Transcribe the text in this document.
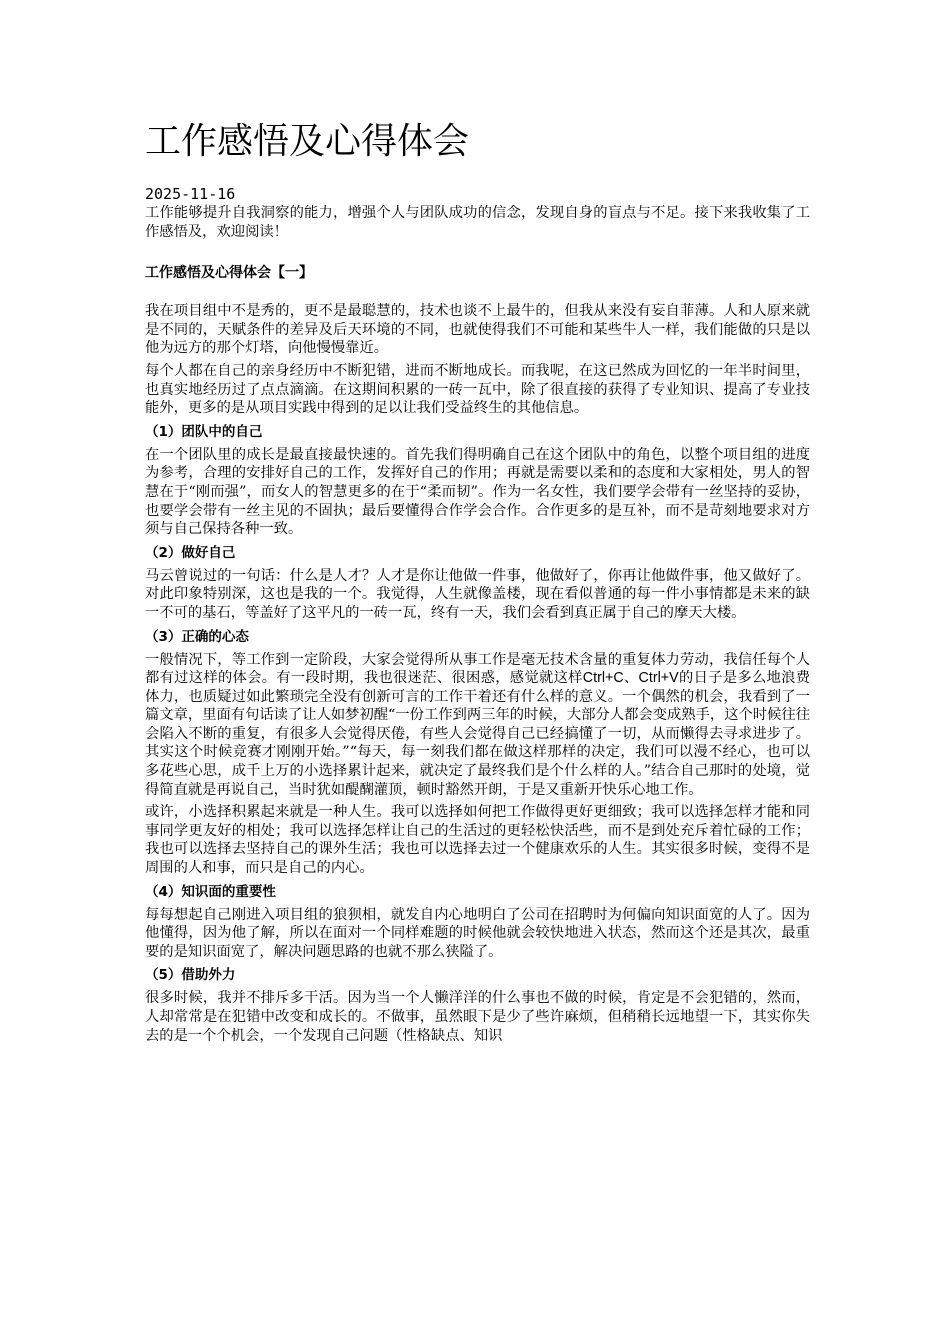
工作感悟及心得体会
2025-11-16

工作能够提升自我洞察的能力，增强个人与团队成功的信念，发现自身的盲点与不足。接下来我收集了工作感悟及，欢迎阅读！

工作感悟及心得体会【一】

我在项目组中不是秀的，更不是最聪慧的，技术也谈不上最牛的，但我从来没有妄自菲薄。人和人原来就是不同的，天赋条件的差异及后天环境的不同，也就使得我们不可能和某些牛人一样，我们能做的只是以他为远方的那个灯塔，向他慢慢靠近。

每个人都在自己的亲身经历中不断犯错，进而不断地成长。而我呢，在这已然成为回忆的一年半时间里，也真实地经历过了点点滴滴。在这期间积累的一砖一瓦中，除了很直接的获得了专业知识、提高了专业技能外，更多的是从项目实践中得到的足以让我们受益终生的其他信息。

（1）团队中的自己

在一个团队里的成长是最直接最快速的。首先我们得明确自己在这个团队中的角色，以整个项目组的进度为参考，合理的安排好自己的工作，发挥好自己的作用；再就是需要以柔和的态度和大家相处，男人的智慧在于“刚而强”，而女人的智慧更多的在于“柔而韧”。作为一名女性，我们要学会带有一丝坚持的妥协，也要学会带有一丝主见的不固执；最后要懂得合作学会合作。合作更多的是互补，而不是苛刻地要求对方须与自己保持各种一致。

（2）做好自己

马云曾说过的一句话：什么是人才？人才是你让他做一件事，他做好了，你再让他做件事，他又做好了。对此印象特别深，这也是我的一个。我觉得，人生就像盖楼，现在看似普通的每一件小事情都是未来的缺一不可的基石，等盖好了这平凡的一砖一瓦，终有一天，我们会看到真正属于自己的摩天大楼。

（3）正确的心态

一般情况下，等工作到一定阶段，大家会觉得所从事工作是毫无技术含量的重复体力劳动，我信任每个人都有过这样的体会。有一段时期，我也很迷茫、很困惑，感觉就这样Ctrl+C、Ctrl+V的日子是多么地浪费体力，也质疑过如此繁琐完全没有创新可言的工作干着还有什么样的意义。一个偶然的机会，我看到了一篇文章，里面有句话读了让人如梦初醒“一份工作到两三年的时候，大部分人都会变成熟手，这个时候往往会陷入不断的重复，有很多人会觉得厌倦，有些人会觉得自己已经搞懂了一切，从而懒得去寻求进步了。其实这个时候竞赛才刚刚开始。”“每天，每一刻我们都在做这样那样的决定，我们可以漫不经心，也可以多花些心思，成千上万的小选择累计起来，就决定了最终我们是个什么样的人。”结合自己那时的处境，觉得简直就是再说自己，当时犹如醍醐灌顶，顿时豁然开朗，于是又重新开快乐心地工作。

或许，小选择积累起来就是一种人生。我可以选择如何把工作做得更好更细致；我可以选择怎样才能和同事同学更友好的相处；我可以选择怎样让自己的生活过的更轻松快活些，而不是到处充斥着忙碌的工作；我也可以选择去坚持自己的课外生活；我也可以选择去过一个健康欢乐的人生。其实很多时候，变得不是周围的人和事，而只是自己的内心。

（4）知识面的重要性

每每想起自己刚进入项目组的狼狈相，就发自内心地明白了公司在招聘时为何偏向知识面宽的人了。因为他懂得，因为他了解，所以在面对一个同样难题的时候他就会较快地进入状态，然而这个还是其次，最重要的是知识面宽了，解决问题思路的也就不那么狭隘了。

（5）借助外力

很多时候，我并不排斥多干活。因为当一个人懒洋洋的什么事也不做的时候，肯定是不会犯错的，然而，人却常常是在犯错中改变和成长的。不做事，虽然眼下是少了些许麻烦，但稍稍长远地望一下，其实你失去的是一个个机会，一个发现自己问题（性格缺点、知识
